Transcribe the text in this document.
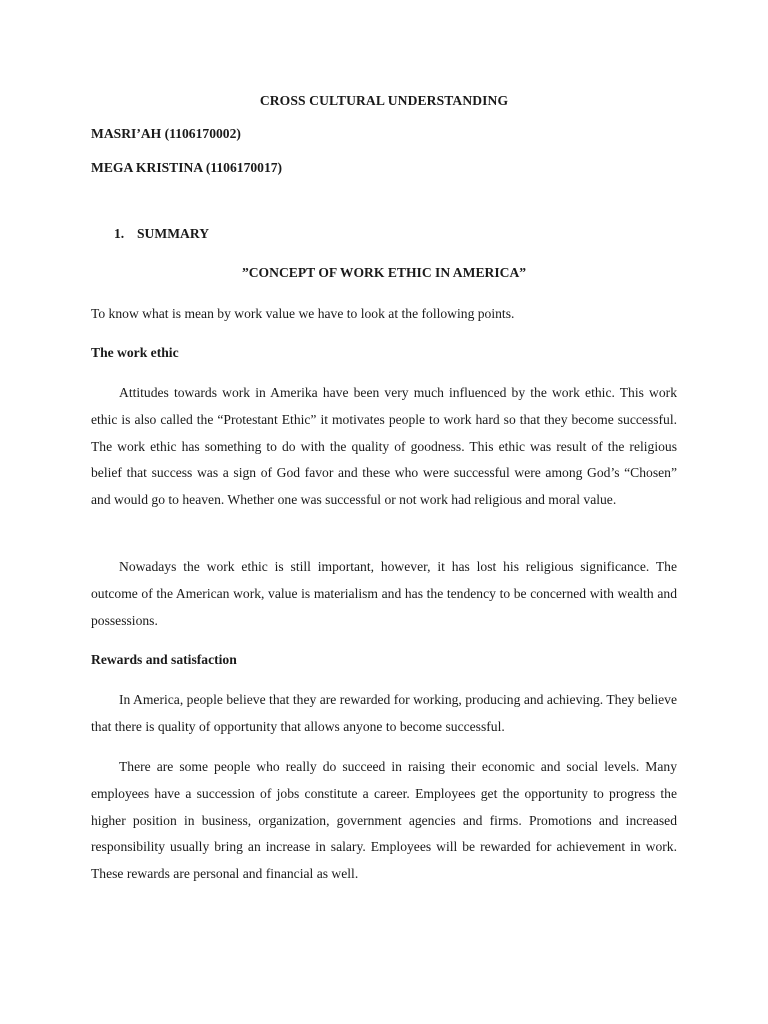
CROSS CULTURAL UNDERSTANDING

MASRI’AH (1106170002)

MEGA KRISTINA (1106170017)

1. SUMMARY

”CONCEPT OF WORK ETHIC IN AMERICA”

To know what is mean by work value we have to look at the following points.

The work ethic

Attitudes towards work in Amerika have been very much influenced by the work ethic. This work ethic is also called the “Protestant Ethic” it motivates people to work hard so that they become successful. The work ethic has something to do with the quality of goodness. This ethic was result of the religious belief that success was a sign of God favor and these who were successful were among God’s “Chosen” and would go to heaven. Whether one was successful or not work had religious and moral value.

Nowadays the work ethic is still important, however, it has lost his religious significance. The outcome of the American work, value is materialism and has the tendency to be concerned with wealth and possessions.

Rewards and satisfaction

In America, people believe that they are rewarded for working, producing and achieving. They believe that there is quality of opportunity that allows anyone to become successful.

There are some people who really do succeed in raising their economic and social levels. Many employees have a succession of jobs constitute a career. Employees get the opportunity to progress the higher position in business, organization, government agencies and firms. Promotions and increased responsibility usually bring an increase in salary. Employees will be rewarded for achievement in work. These rewards are personal and financial as well.
